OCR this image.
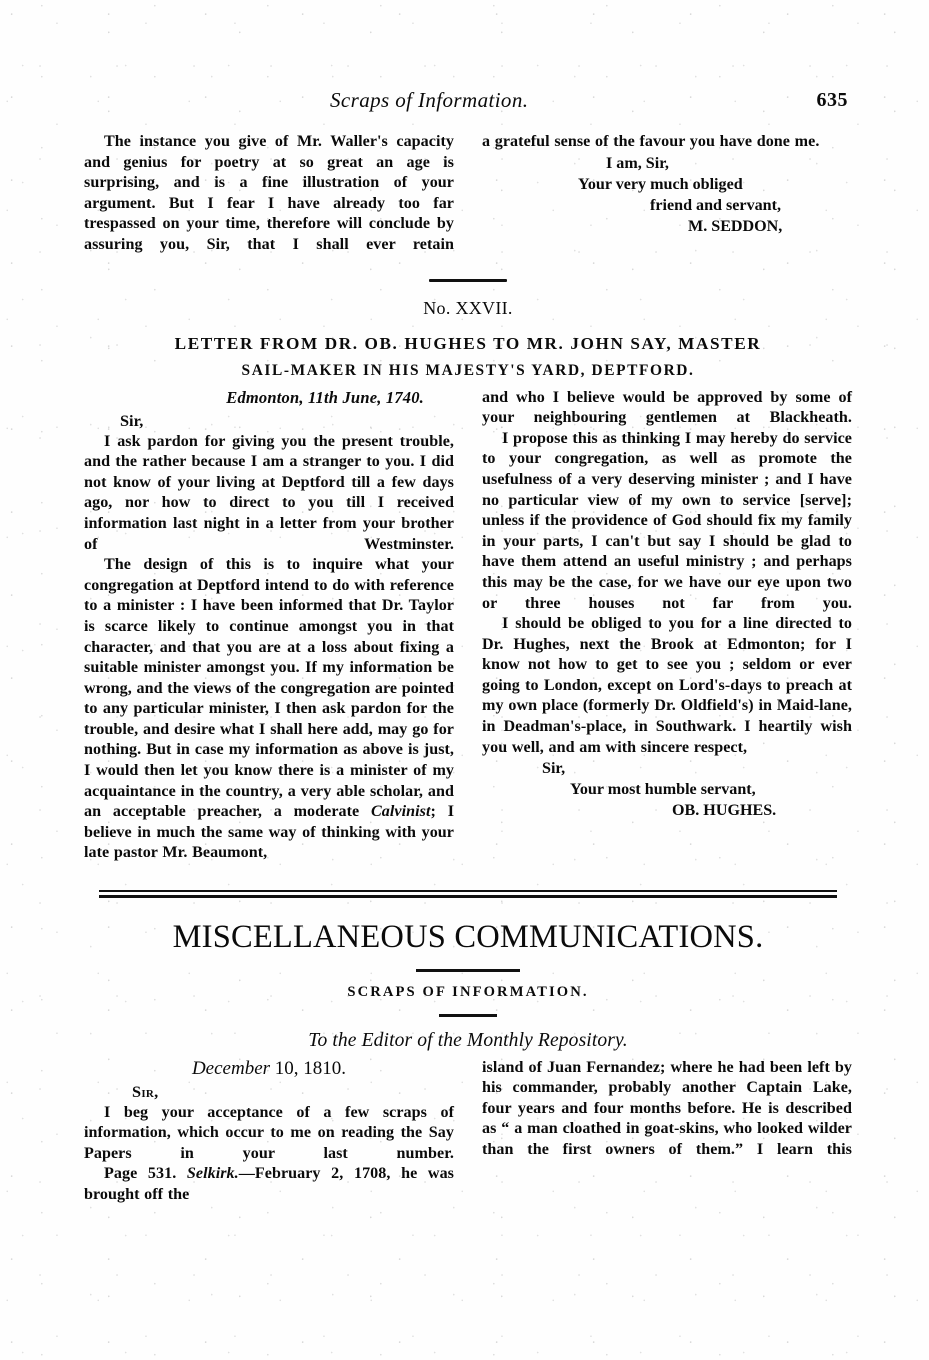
Scraps of Information.	635

The instance you give of Mr. Waller's capacity and genius for poetry at so great an age is surprising, and is a fine illustration of your argument. But I fear I have already too far trespassed on your time, therefore will conclude by assuring you, Sir, that I shall ever retain

a grateful sense of the favour you have done me.

I am, Sir,

Your very much obliged

friend and servant,

M. SEDDON,

No. XXVII.
LETTER FROM DR. OB. HUGHES TO MR. JOHN SAY, MASTER
SAIL-MAKER IN HIS MAJESTY'S YARD, DEPTFORD.
Edmonton, 11th June, 1740.
Sir,

I ask pardon for giving you the present trouble, and the rather because I am a stranger to you. I did not know of your living at Deptford till a few days ago, nor how to direct to you till I received information last night in a letter from your brother of Westminster.

The design of this is to inquire what your congregation at Deptford intend to do with reference to a minister : I have been informed that Dr. Taylor is scarce likely to continue amongst you in that character, and that you are at a loss about fixing a suitable minister amongst you. If my information be wrong, and the views of the congregation are pointed to any particular minister, I then ask pardon for the trouble, and desire what I shall here add, may go for nothing. But in case my information as above is just, I would then let you know there is a minister of my acquaintance in the country, a very able scholar, and an acceptable preacher, a moderate Calvinist; I believe in much the same way of thinking with your late pastor Mr. Beaumont,

and who I believe would be approved by some of your neighbouring gentlemen at Blackheath.

I propose this as thinking I may hereby do service to your congregation, as well as promote the usefulness of a very deserving minister ; and I have no particular view of my own to service [serve]; unless if the providence of God should fix my family in your parts, I can't but say I should be glad to have them attend an useful ministry ; and perhaps this may be the case, for we have our eye upon two or three houses not far from you.

I should be obliged to you for a line directed to Dr. Hughes, next the Brook at Edmonton; for I know not how to get to see you ; seldom or ever going to London, except on Lord's-days to preach at my own place (formerly Dr. Oldfield's) in Maid-lane, in Deadman's-place, in Southwark. I heartily wish you well, and am with sincere respect,

Sir,

Your most humble servant,

OB. HUGHES.

MISCELLANEOUS COMMUNICATIONS.
SCRAPS OF INFORMATION.
To the Editor of the Monthly Repository.
December 10, 1810.
Sir,

I beg your acceptance of a few scraps of information, which occur to me on reading the Say Papers in your last number.

Page 531. Selkirk.—February 2, 1708, he was brought off the

island of Juan Fernandez; where he had been left by his commander, probably another Captain Lake, four years and four months before. He is described as “ a man cloathed in goat-skins, who looked wilder than the first owners of them.” I learn this
